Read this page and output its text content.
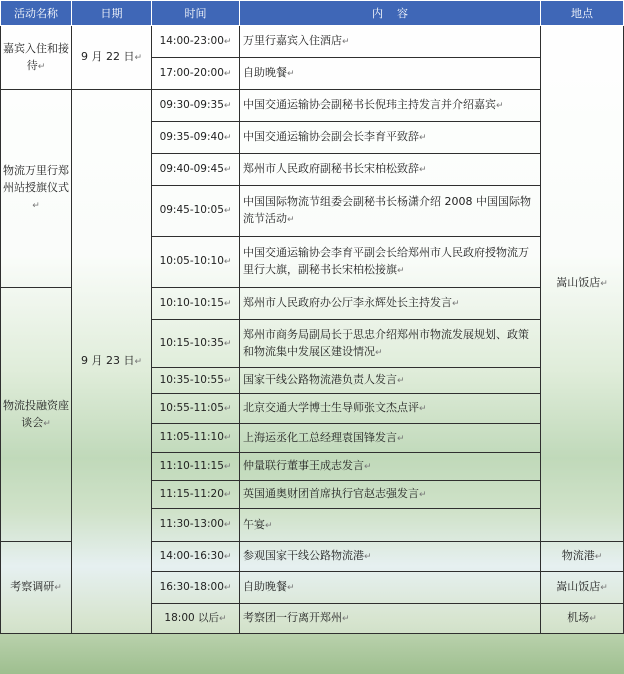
活动名称	日期	时间	内    容	地点
嘉宾入住和接待↵	9 月 22 日↵	14:00-23:00↵	万里行嘉宾入住酒店↵	嵩山饭店↵
		17:00-20:00↵	自助晚餐↵	
物流万里行郑州站授旗仪式↵	9 月 23 日↵	09:30-09:35↵	中国交通运输协会副秘书长倪玮主持发言并介绍嘉宾↵	
		09:35-09:40↵	中国交通运输协会副会长李育平致辞↵	
		09:40-09:45↵	郑州市人民政府副秘书长宋柏松致辞↵	
		09:45-10:05↵	中国国际物流节组委会副秘书长杨潇介绍 2008 中国国际物流节活动↵	
		10:05-10:10↵	中国交通运输协会李育平副会长给郑州市人民政府授物流万里行大旗，副秘书长宋柏松接旗↵	
物流投融资座谈会↵		10:10-10:15↵	郑州市人民政府办公厅李永辉处长主持发言↵	
		10:15-10:35↵	郑州市商务局副局长于思忠介绍郑州市物流发展规划、政策和物流集中发展区建设情况↵	
		10:35-10:55↵	国家干线公路物流港负责人发言↵	
		10:55-11:05↵	北京交通大学博士生导师张文杰点评↵	
		11:05-11:10↵	上海运丞化工总经理袁国锋发言↵	
		11:10-11:15↵	仲量联行董事王成志发言↵	
		11:15-11:20↵	英国通奥财团首席执行官赵志强发言↵	
		11:30-13:00↵	午宴↵	
考察调研↵		14:00-16:30↵	参观国家干线公路物流港↵	物流港↵
		16:30-18:00↵	自助晚餐↵	嵩山饭店↵
		18:00 以后↵	考察团一行离开郑州↵	机场↵
